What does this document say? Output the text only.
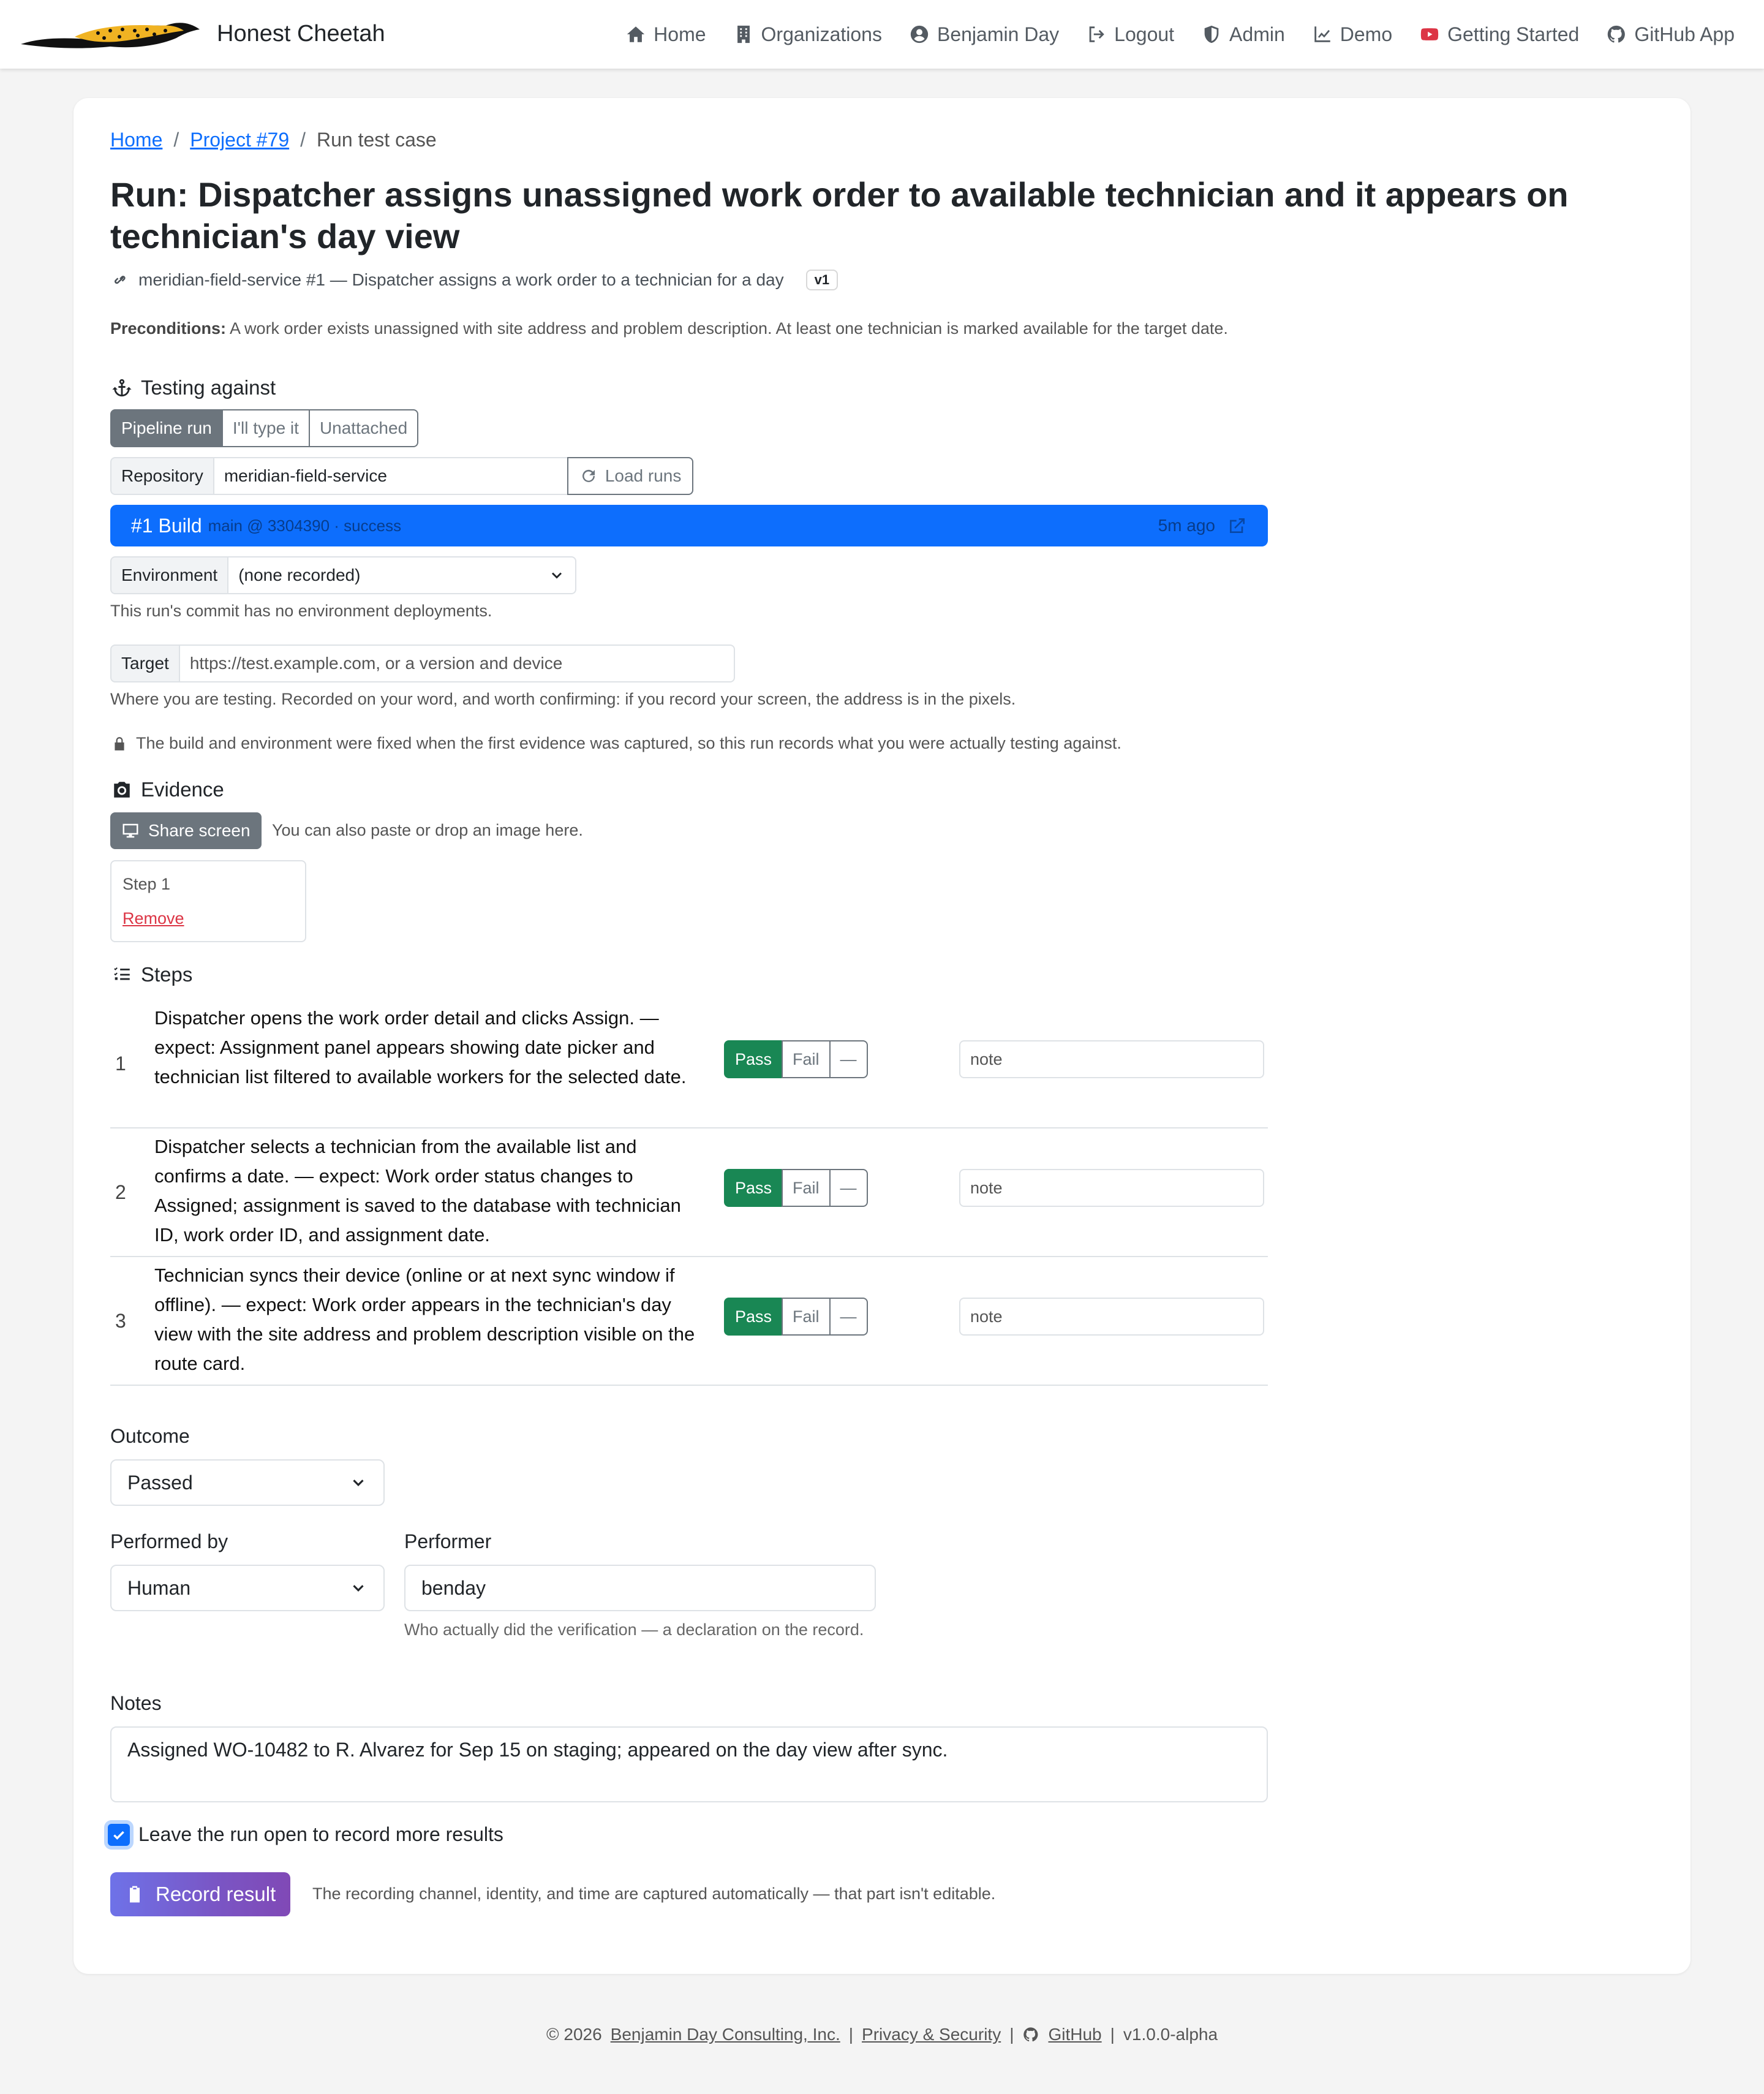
Honest Cheetah	Home	Organizations	Benjamin Day	Logout	Admin	Demo	Getting Started	GitHub App
Home / Project #79 / Run test case
Run: Dispatcher assigns unassigned work order to available technician and it appears on technician's day view
meridian-field-service #1 — Dispatcher assigns a work order to a technician for a day	v1
Preconditions: A work order exists unassigned with site address and problem description. At least one technician is marked available for the target date.
Testing against
Pipeline run	I'll type it	Unattached
Repository	meridian-field-service	Load runs
#1 Build main @ 3304390 · success	5m ago
Environment	(none recorded)
This run's commit has no environment deployments.
Target	https://test.example.com, or a version and device
Where you are testing. Recorded on your word, and worth confirming: if you record your screen, the address is in the pixels.
The build and environment were fixed when the first evidence was captured, so this run records what you were actually testing against.
Evidence
Share screen You can also paste or drop an image here.
Step 1
Remove
Steps
1
Dispatcher opens the work order detail and clicks Assign. — expect: Assignment panel appears showing date picker and technician list filtered to available workers for the selected date.
Pass	Fail	—	note
2
Dispatcher selects a technician from the available list and confirms a date. — expect: Work order status changes to Assigned; assignment is saved to the database with technician ID, work order ID, and assignment date.
Pass	Fail	—	note
3
Technician syncs their device (online or at next sync window if offline). — expect: Work order appears in the technician's day view with the site address and problem description visible on the route card.
Pass	Fail	—	note
Outcome
Passed
Performed by
Human
Performer
benday
Who actually did the verification — a declaration on the record.
Notes
Assigned WO-10482 to R. Alvarez for Sep 15 on staging; appeared on the day view after sync.
Leave the run open to record more results
Record result The recording channel, identity, and time are captured automatically — that part isn't editable.
© 2026 Benjamin Day Consulting, Inc. | Privacy & Security | GitHub | v1.0.0-alpha
